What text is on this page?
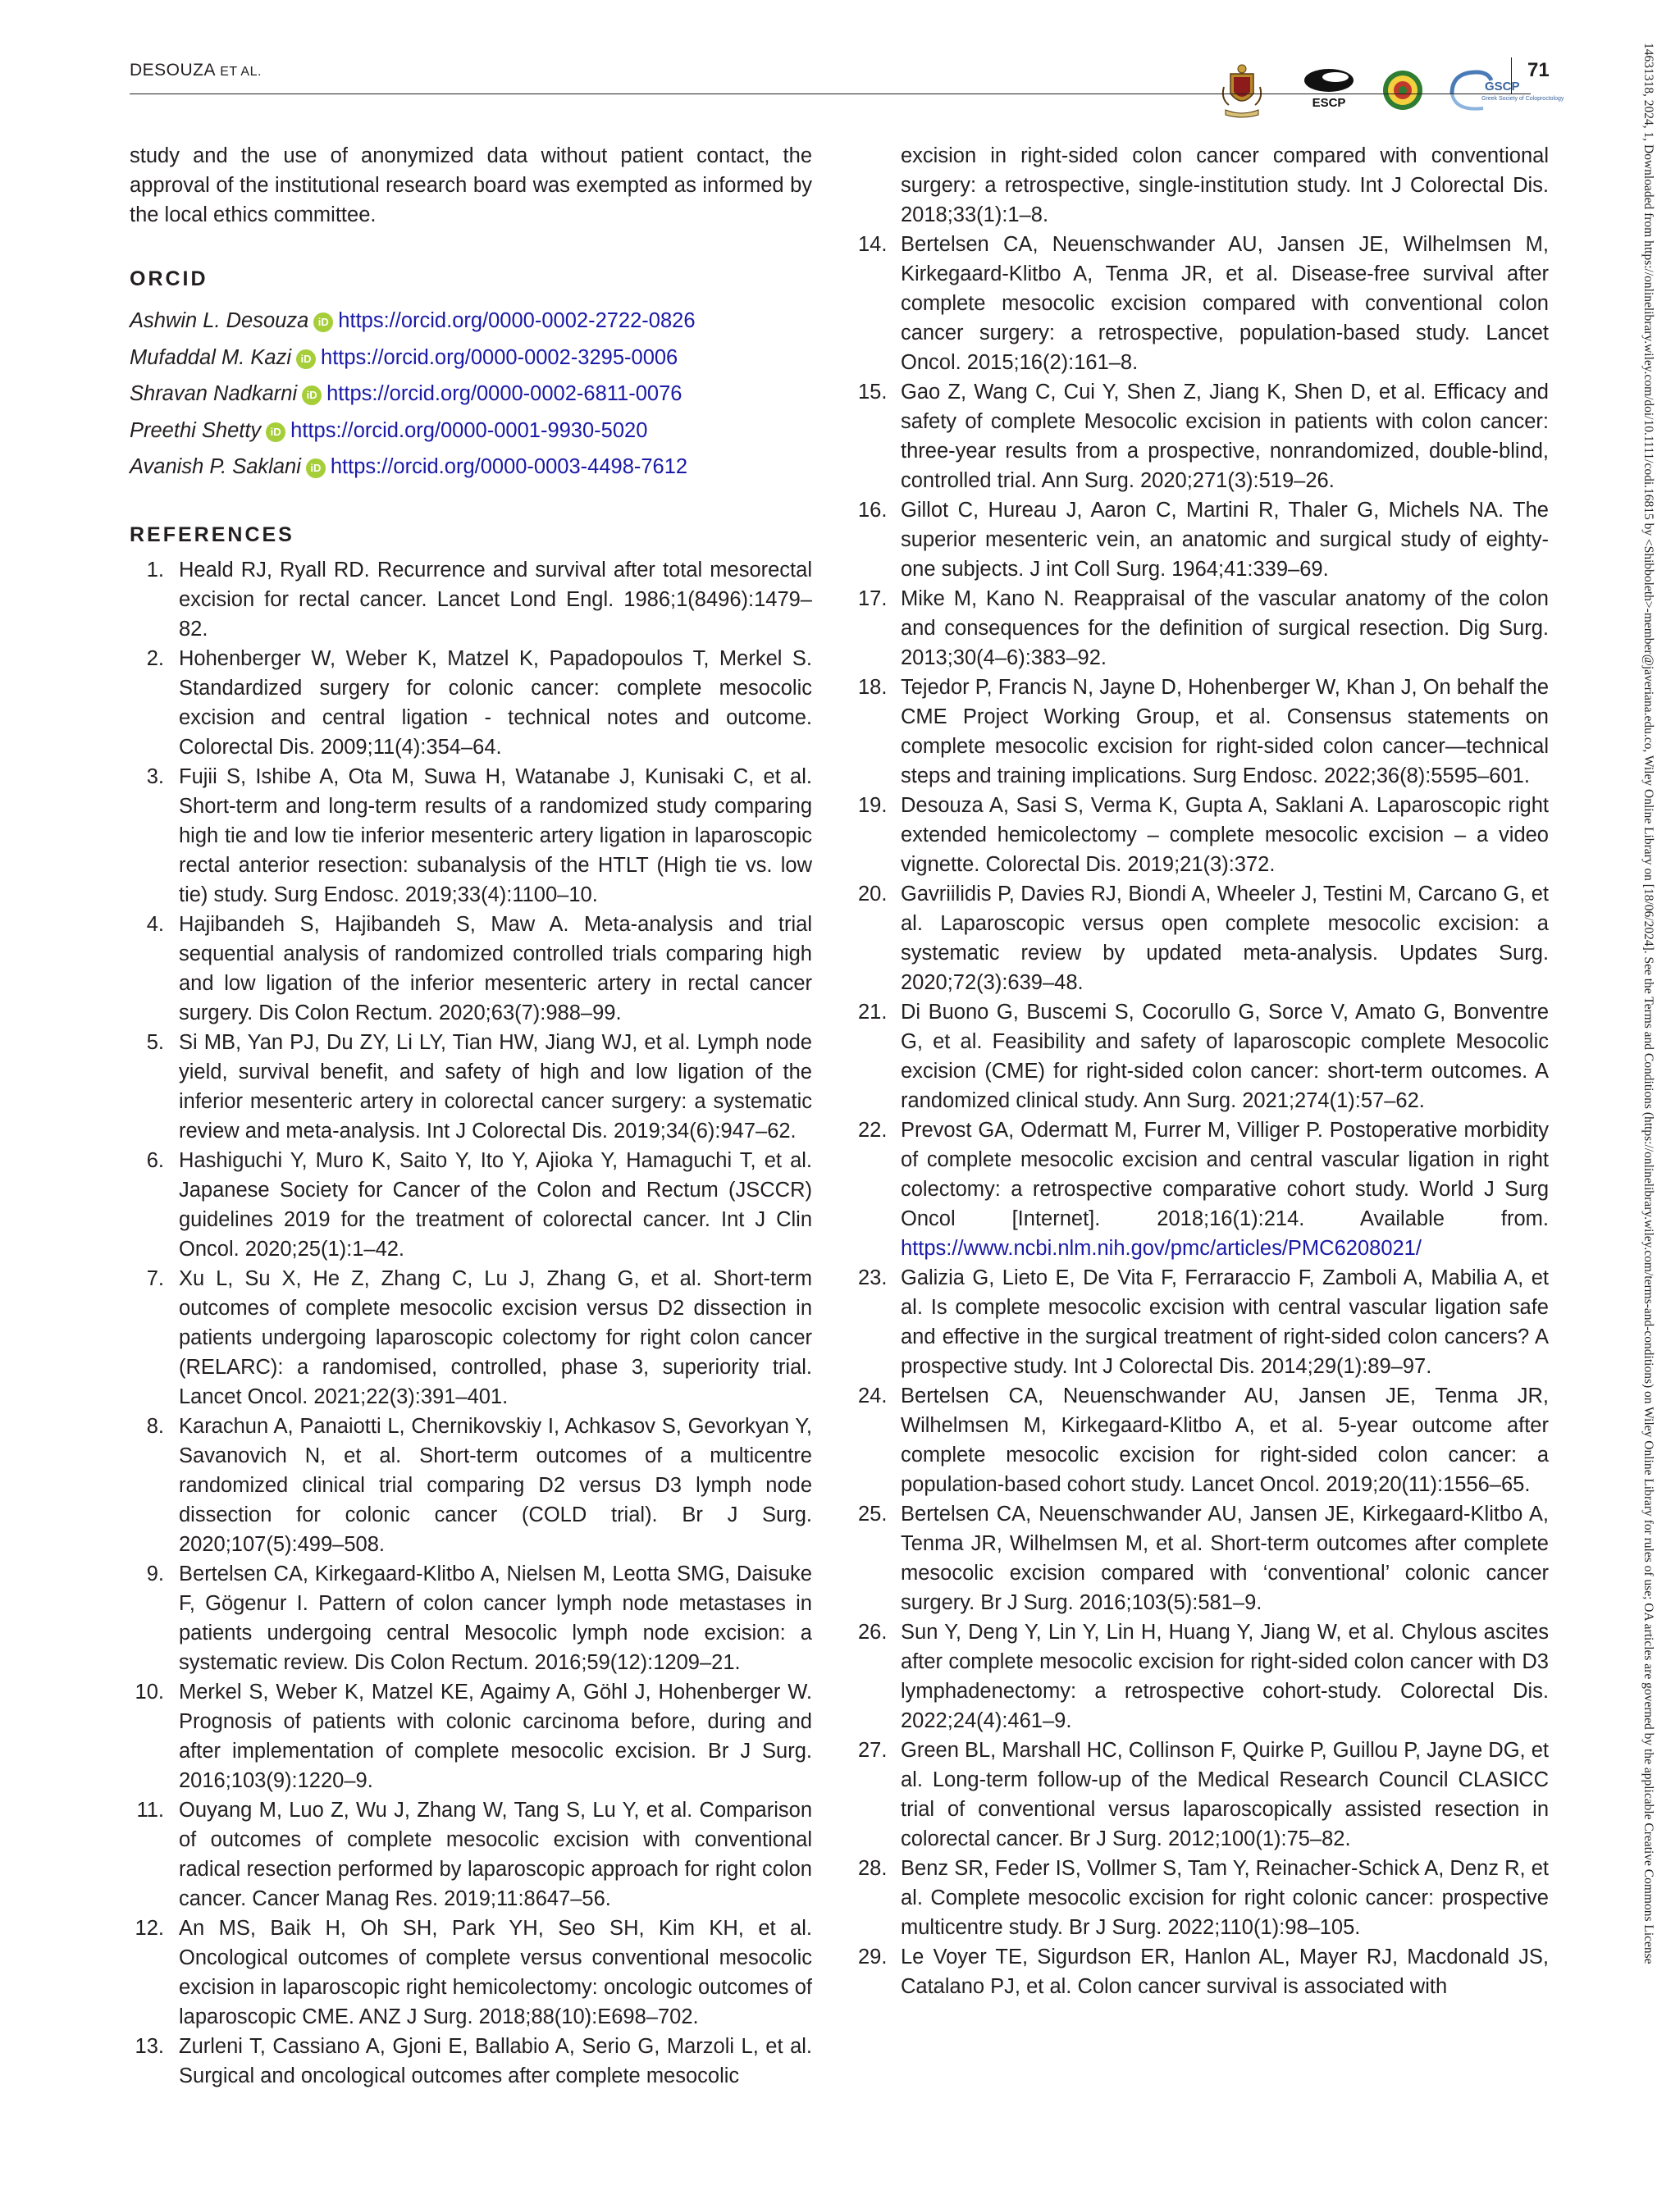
DESOUZA ET AL.
ESCP
GSCP
Greek Society of Coloproctology
71	14631318, 2024, 1, Downloaded from https://onlinelibrary.wiley.com/doi/10.1111/codi.16815 by <Shibboleth>-member@javeriana.edu.co, Wiley Online Library on [18/06/2024]. See the Terms and Conditions (https://onlinelibrary.wiley.com/terms-and-conditions) on Wiley Online Library for rules of use; OA articles are governed by the applicable Creative Commons License

study and the use of anonymized data without patient contact, the approval of the institutional research board was exempted as informed by the local ethics committee.

ORCID
Ashwin L. Desouza iD https://orcid.org/0000-0002-2722-0826
Mufaddal M. Kazi iD https://orcid.org/0000-0002-3295-0006
Shravan Nadkarni iD https://orcid.org/0000-0002-6811-0076
Preethi Shetty iD https://orcid.org/0000-0001-9930-5020
Avanish P. Saklani iD https://orcid.org/0000-0003-4498-7612
REFERENCES
1. Heald RJ, Ryall RD. Recurrence and survival after total mesorectal excision for rectal cancer. Lancet Lond Engl. 1986;1(8496):1479–82.
2. Hohenberger W, Weber K, Matzel K, Papadopoulos T, Merkel S. Standardized surgery for colonic cancer: complete mesocolic excision and central ligation - technical notes and outcome. Colorectal Dis. 2009;11(4):354–64.
3. Fujii S, Ishibe A, Ota M, Suwa H, Watanabe J, Kunisaki C, et al. Short-term and long-term results of a randomized study comparing high tie and low tie inferior mesenteric artery ligation in laparoscopic rectal anterior resection: subanalysis of the HTLT (High tie vs. low tie) study. Surg Endosc. 2019;33(4):1100–10.
4. Hajibandeh S, Hajibandeh S, Maw A. Meta-analysis and trial sequential analysis of randomized controlled trials comparing high and low ligation of the inferior mesenteric artery in rectal cancer surgery. Dis Colon Rectum. 2020;63(7):988–99.
5. Si MB, Yan PJ, Du ZY, Li LY, Tian HW, Jiang WJ, et al. Lymph node yield, survival benefit, and safety of high and low ligation of the inferior mesenteric artery in colorectal cancer surgery: a systematic review and meta-analysis. Int J Colorectal Dis. 2019;34(6):947–62.
6. Hashiguchi Y, Muro K, Saito Y, Ito Y, Ajioka Y, Hamaguchi T, et al. Japanese Society for Cancer of the Colon and Rectum (JSCCR) guidelines 2019 for the treatment of colorectal cancer. Int J Clin Oncol. 2020;25(1):1–42.
7. Xu L, Su X, He Z, Zhang C, Lu J, Zhang G, et al. Short-term outcomes of complete mesocolic excision versus D2 dissection in patients undergoing laparoscopic colectomy for right colon cancer (RELARC): a randomised, controlled, phase 3, superiority trial. Lancet Oncol. 2021;22(3):391–401.
8. Karachun A, Panaiotti L, Chernikovskiy I, Achkasov S, Gevorkyan Y, Savanovich N, et al. Short-term outcomes of a multicentre randomized clinical trial comparing D2 versus D3 lymph node dissection for colonic cancer (COLD trial). Br J Surg. 2020;107(5):499–508.
9. Bertelsen CA, Kirkegaard-Klitbo A, Nielsen M, Leotta SMG, Daisuke F, Gögenur I. Pattern of colon cancer lymph node metastases in patients undergoing central Mesocolic lymph node excision: a systematic review. Dis Colon Rectum. 2016;59(12):1209–21.
10. Merkel S, Weber K, Matzel KE, Agaimy A, Göhl J, Hohenberger W. Prognosis of patients with colonic carcinoma before, during and after implementation of complete mesocolic excision. Br J Surg. 2016;103(9):1220–9.
11. Ouyang M, Luo Z, Wu J, Zhang W, Tang S, Lu Y, et al. Comparison of outcomes of complete mesocolic excision with conventional radical resection performed by laparoscopic approach for right colon cancer. Cancer Manag Res. 2019;11:8647–56.
12. An MS, Baik H, Oh SH, Park YH, Seo SH, Kim KH, et al. Oncological outcomes of complete versus conventional mesocolic excision in laparoscopic right hemicolectomy: oncologic outcomes of laparoscopic CME. ANZ J Surg. 2018;88(10):E698–702.
13. Zurleni T, Cassiano A, Gjoni E, Ballabio A, Serio G, Marzoli L, et al. Surgical and oncological outcomes after complete mesocolic
excision in right-sided colon cancer compared with conventional surgery: a retrospective, single-institution study. Int J Colorectal Dis. 2018;33(1):1–8.
14. Bertelsen CA, Neuenschwander AU, Jansen JE, Wilhelmsen M, Kirkegaard-Klitbo A, Tenma JR, et al. Disease-free survival after complete mesocolic excision compared with conventional colon cancer surgery: a retrospective, population-based study. Lancet Oncol. 2015;16(2):161–8.
15. Gao Z, Wang C, Cui Y, Shen Z, Jiang K, Shen D, et al. Efficacy and safety of complete Mesocolic excision in patients with colon cancer: three-year results from a prospective, nonrandomized, double-blind, controlled trial. Ann Surg. 2020;271(3):519–26.
16. Gillot C, Hureau J, Aaron C, Martini R, Thaler G, Michels NA. The superior mesenteric vein, an anatomic and surgical study of eighty-one subjects. J int Coll Surg. 1964;41:339–69.
17. Mike M, Kano N. Reappraisal of the vascular anatomy of the colon and consequences for the definition of surgical resection. Dig Surg. 2013;30(4–6):383–92.
18. Tejedor P, Francis N, Jayne D, Hohenberger W, Khan J, On behalf the CME Project Working Group, et al. Consensus statements on complete mesocolic excision for right-sided colon cancer—technical steps and training implications. Surg Endosc. 2022;36(8):5595–601.
19. Desouza A, Sasi S, Verma K, Gupta A, Saklani A. Laparoscopic right extended hemicolectomy – complete mesocolic excision – a video vignette. Colorectal Dis. 2019;21(3):372.
20. Gavriilidis P, Davies RJ, Biondi A, Wheeler J, Testini M, Carcano G, et al. Laparoscopic versus open complete mesocolic excision: a systematic review by updated meta-analysis. Updates Surg. 2020;72(3):639–48.
21. Di Buono G, Buscemi S, Cocorullo G, Sorce V, Amato G, Bonventre G, et al. Feasibility and safety of laparoscopic complete Mesocolic excision (CME) for right-sided colon cancer: short-term outcomes. A randomized clinical study. Ann Surg. 2021;274(1):57–62.
22. Prevost GA, Odermatt M, Furrer M, Villiger P. Postoperative morbidity of complete mesocolic excision and central vascular ligation in right colectomy: a retrospective comparative cohort study. World J Surg Oncol [Internet]. 2018;16(1):214. Available from. https://www.ncbi.nlm.nih.gov/pmc/articles/PMC6208021/
23. Galizia G, Lieto E, De Vita F, Ferraraccio F, Zamboli A, Mabilia A, et al. Is complete mesocolic excision with central vascular ligation safe and effective in the surgical treatment of right-sided colon cancers? A prospective study. Int J Colorectal Dis. 2014;29(1):89–97.
24. Bertelsen CA, Neuenschwander AU, Jansen JE, Tenma JR, Wilhelmsen M, Kirkegaard-Klitbo A, et al. 5-year outcome after complete mesocolic excision for right-sided colon cancer: a population-based cohort study. Lancet Oncol. 2019;20(11):1556–65.
25. Bertelsen CA, Neuenschwander AU, Jansen JE, Kirkegaard-Klitbo A, Tenma JR, Wilhelmsen M, et al. Short-term outcomes after complete mesocolic excision compared with ‘conventional’ colonic cancer surgery. Br J Surg. 2016;103(5):581–9.
26. Sun Y, Deng Y, Lin Y, Lin H, Huang Y, Jiang W, et al. Chylous ascites after complete mesocolic excision for right-sided colon cancer with D3 lymphadenectomy: a retrospective cohort-study. Colorectal Dis. 2022;24(4):461–9.
27. Green BL, Marshall HC, Collinson F, Quirke P, Guillou P, Jayne DG, et al. Long-term follow-up of the Medical Research Council CLASICC trial of conventional versus laparoscopically assisted resection in colorectal cancer. Br J Surg. 2012;100(1):75–82.
28. Benz SR, Feder IS, Vollmer S, Tam Y, Reinacher-Schick A, Denz R, et al. Complete mesocolic excision for right colonic cancer: prospective multicentre study. Br J Surg. 2022;110(1):98–105.
29. Le Voyer TE, Sigurdson ER, Hanlon AL, Mayer RJ, Macdonald JS, Catalano PJ, et al. Colon cancer survival is associated with
